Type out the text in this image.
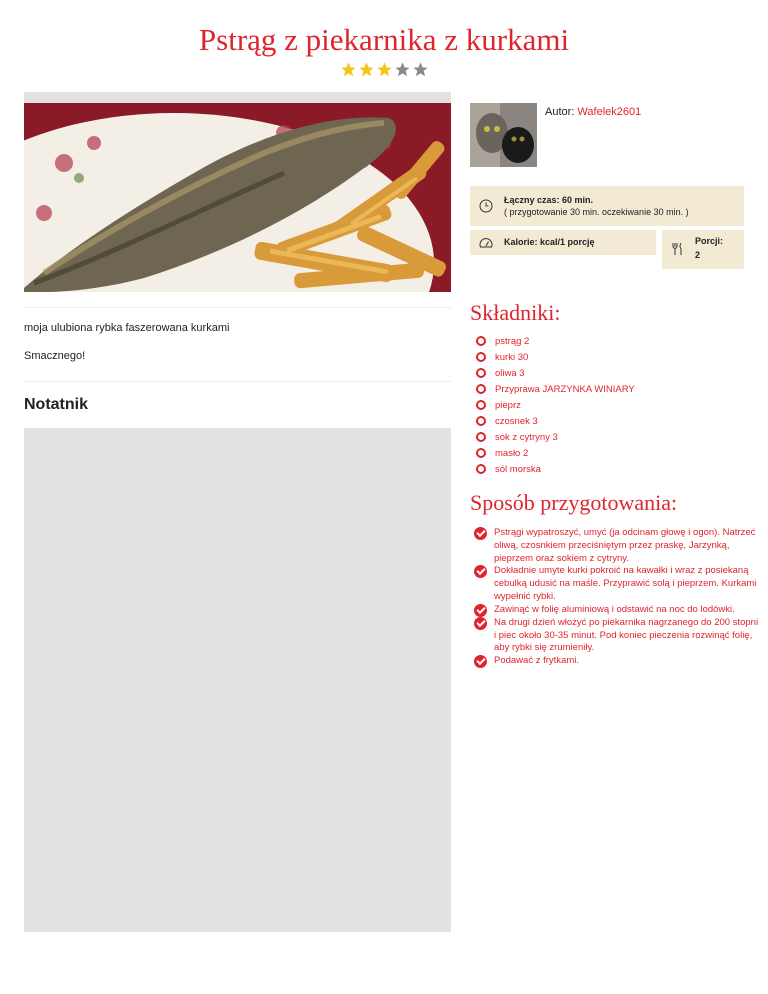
Pstrąg z piekarnika z kurkami
moja ulubiona rybka faszerowana kurkami
Smacznego!
Notatnik
Autor: Wafelek2601
Łączny czas: 60 min.
( przygotowanie 30 min. oczekiwanie 30 min. )
Kalorie: kcal/1 porcję	Porcji:
2
Składniki:
pstrąg 2
kurki 30
oliwa 3
Przyprawa JARZYNKA WINIARY
pieprz
czosnek 3
sok z cytryny 3
masło 2
sól morska
Sposób przygotowania:
Pstrągi wypatroszyć, umyć (ja odcinam głowę i ogon). Natrzeć oliwą, czosnkiem przeciśniętym przez praskę, Jarzynką, pieprzem oraz sokiem z cytryny.
Dokładnie umyte kurki pokroić na kawałki i wraz z posiekaną cebulką udusić na maśle. Przyprawić solą i pieprzem. Kurkami wypełnić rybki.
Zawinąć w folię aluminiową i odstawić na noc do lodówki.
Na drugi dzień włożyć po piekarnika nagrzanego do 200 stopni i piec około 30-35 minut. Pod koniec pieczenia rozwinąć folię, aby rybki się zrumieniły.
Podawać z frytkami.
